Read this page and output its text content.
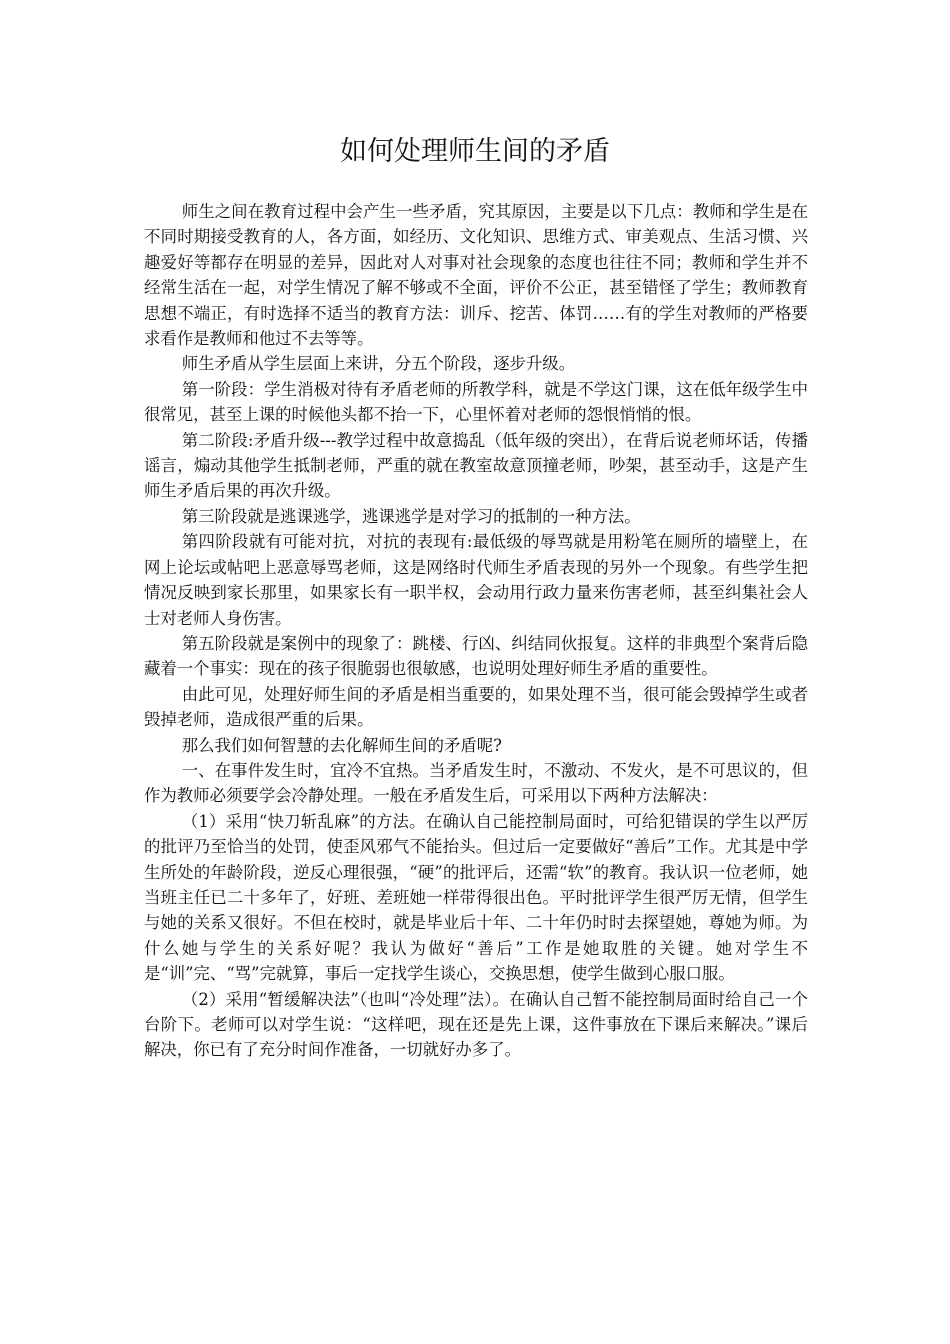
如何处理师生间的矛盾

师生之间在教育过程中会产生一些矛盾，究其原因，主要是以下几点：教师和学生是在不同时期接受教育的人，各方面，如经历、文化知识、思维方式、审美观点、生活习惯、兴趣爱好等都存在明显的差异，因此对人对事对社会现象的态度也往往不同；教师和学生并不经常生活在一起，对学生情况了解不够或不全面，评价不公正，甚至错怪了学生；教师教育思想不端正，有时选择不适当的教育方法：训斥、挖苦、体罚……有的学生对教师的严格要求看作是教师和他过不去等等。

师生矛盾从学生层面上来讲，分五个阶段，逐步升级。

第一阶段：学生消极对待有矛盾老师的所教学科，就是不学这门课，这在低年级学生中很常见，甚至上课的时候他头都不抬一下，心里怀着对老师的怨恨悄悄的恨。

第二阶段:矛盾升级---教学过程中故意捣乱（低年级的突出），在背后说老师坏话，传播谣言，煽动其他学生抵制老师，严重的就在教室故意顶撞老师，吵架，甚至动手，这是产生师生矛盾后果的再次升级。

第三阶段就是逃课逃学，逃课逃学是对学习的抵制的一种方法。

第四阶段就有可能对抗，对抗的表现有:最低级的辱骂就是用粉笔在厕所的墙壁上，在网上论坛或帖吧上恶意辱骂老师，这是网络时代师生矛盾表现的另外一个现象。有些学生把情况反映到家长那里，如果家长有一职半权，会动用行政力量来伤害老师，甚至纠集社会人士对老师人身伤害。

第五阶段就是案例中的现象了：跳楼、行凶、纠结同伙报复。这样的非典型个案背后隐藏着一个事实：现在的孩子很脆弱也很敏感，也说明处理好师生矛盾的重要性。

由此可见，处理好师生间的矛盾是相当重要的，如果处理不当，很可能会毁掉学生或者毁掉老师，造成很严重的后果。

那么我们如何智慧的去化解师生间的矛盾呢?

一、在事件发生时，宜冷不宜热。当矛盾发生时，不激动、不发火，是不可思议的，但作为教师必须要学会冷静处理。一般在矛盾发生后，可采用以下两种方法解决：

（1）采用“快刀斩乱麻”的方法。在确认自己能控制局面时，可给犯错误的学生以严厉的批评乃至恰当的处罚，使歪风邪气不能抬头。但过后一定要做好“善后”工作。尤其是中学生所处的年龄阶段，逆反心理很强，“硬”的批评后，还需“软”的教育。我认识一位老师，她当班主任已二十多年了，好班、差班她一样带得很出色。平时批评学生很严厉无情，但学生与她的关系又很好。不但在校时，就是毕业后十年、二十年仍时时去探望她，尊她为师。为什么她与学生的关系好呢？我认为做好“善后”工作是她取胜的关键。她对学生不是“训”完、“骂”完就算，事后一定找学生谈心，交换思想，使学生做到心服口服。

（2）采用“暂缓解决法”（也叫“冷处理”法）。在确认自己暂不能控制局面时给自己一个台阶下。老师可以对学生说：“这样吧，现在还是先上课，这件事放在下课后来解决。”课后解决，你已有了充分时间作准备，一切就好办多了。
